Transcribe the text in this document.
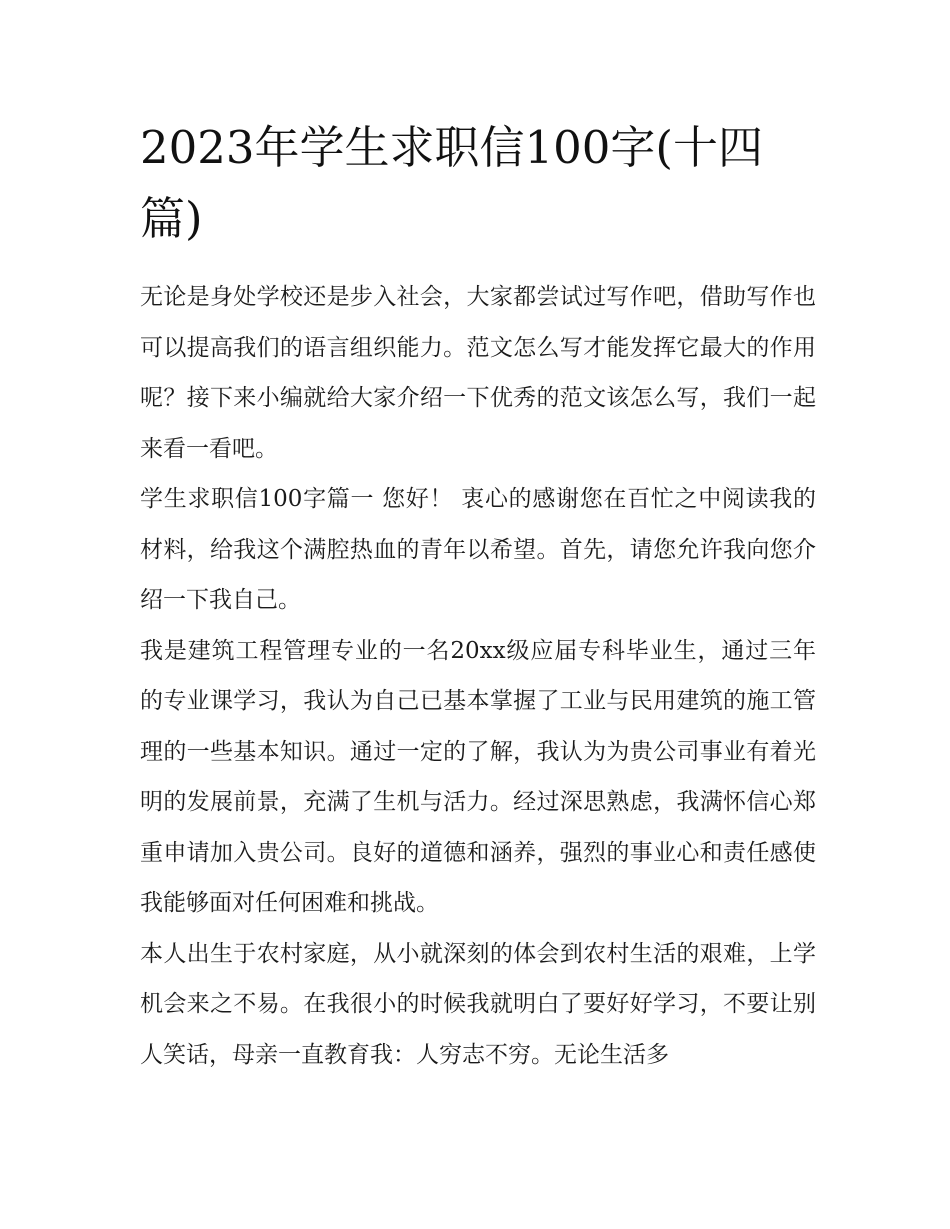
2023年学生求职信100字(十四篇)

无论是身处学校还是步入社会，大家都尝试过写作吧，借助写作也可以提高我们的语言组织能力。范文怎么写才能发挥它最大的作用呢？接下来小编就给大家介绍一下优秀的范文该怎么写，我们一起来看一看吧。

学生求职信100字篇一 您好！ 衷心的感谢您在百忙之中阅读我的材料，给我这个满腔热血的青年以希望。首先，请您允许我向您介绍一下我自己。

我是建筑工程管理专业的一名20xx级应届专科毕业生，通过三年的专业课学习，我认为自己已基本掌握了工业与民用建筑的施工管理的一些基本知识。通过一定的了解，我认为为贵公司事业有着光明的发展前景，充满了生机与活力。经过深思熟虑，我满怀信心郑重申请加入贵公司。良好的道德和涵养，强烈的事业心和责任感使我能够面对任何困难和挑战。

本人出生于农村家庭，从小就深刻的体会到农村生活的艰难，上学机会来之不易。在我很小的时候我就明白了要好好学习，不要让别人笑话，母亲一直教育我：人穷志不穷。无论生活多
